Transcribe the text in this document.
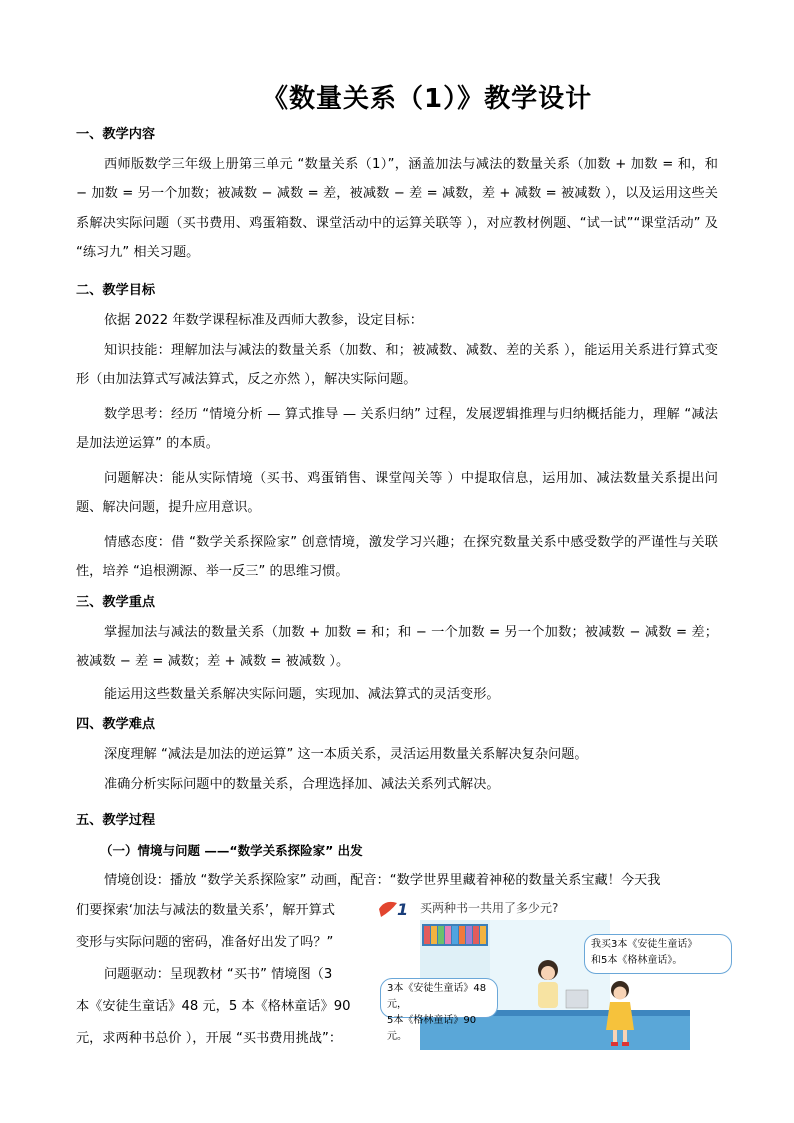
《数量关系（1）》教学设计
一、教学内容
西师版数学三年级上册第三单元 “数量关系（1）”，涵盖加法与减法的数量关系（加数 + 加数 = 和，和 − 加数 = 另一个加数；被减数 − 减数 = 差，被减数 − 差 = 减数，差 + 减数 = 被减数 ），以及运用这些关系解决实际问题（买书费用、鸡蛋箱数、课堂活动中的运算关联等 ），对应教材例题、“试一试”“课堂活动” 及 “练习九” 相关习题。
二、教学目标
依据 2022 年数学课程标准及西师大教参，设定目标：
知识技能：理解加法与减法的数量关系（加数、和；被减数、减数、差的关系 ），能运用关系进行算式变形（由加法算式写减法算式，反之亦然 ），解决实际问题。
数学思考：经历 “情境分析 — 算式推导 — 关系归纳” 过程，发展逻辑推理与归纳概括能力，理解 “减法是加法逆运算” 的本质。
问题解决：能从实际情境（买书、鸡蛋销售、课堂闯关等 ）中提取信息，运用加、减法数量关系提出问题、解决问题，提升应用意识。
情感态度：借 “数学关系探险家” 创意情境，激发学习兴趣；在探究数量关系中感受数学的严谨性与关联性，培养 “追根溯源、举一反三” 的思维习惯。
三、教学重点
掌握加法与减法的数量关系（加数 + 加数 = 和；和 − 一个加数 = 另一个加数；被减数 − 减数 = 差；被减数 − 差 = 减数；差 + 减数 = 被减数 ）。
能运用这些数量关系解决实际问题，实现加、减法算式的灵活变形。
四、教学难点
深度理解 “减法是加法的逆运算” 这一本质关系，灵活运用数量关系解决复杂问题。
准确分析实际问题中的数量关系，合理选择加、减法关系列式解决。
五、教学过程
（一）情境与问题 ——“数学关系探险家” 出发
情境创设：播放 “数学关系探险家” 动画，配音：“数学世界里藏着神秘的数量关系宝藏！今天我
们要探索‘加法与减法的数量关系’，解开算式
变形与实际问题的密码，准备好出发了吗？”
问题驱动：呈现教材 “买书” 情境图（3
本《安徒生童话》48 元，5 本《格林童话》90
元，求两种书总价 ），开展 “买书费用挑战”：
1 买两种书一共用了多少元?
我买3本《安徒生童话》
和5本《格林童话》。
3本《安徒生童话》48元，
5本《格林童话》90元。
